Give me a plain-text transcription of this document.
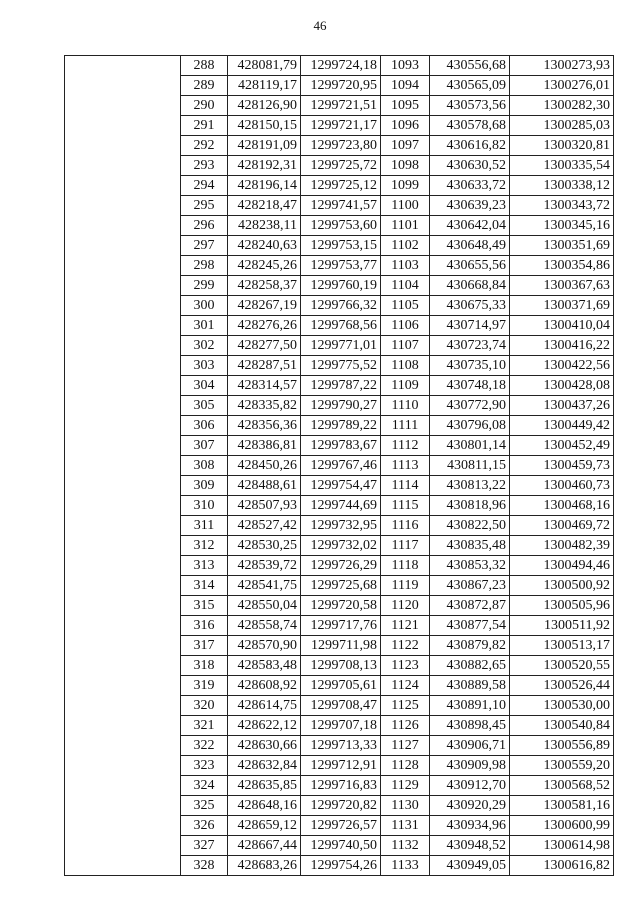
46
	288	428081,79	1299724,18	1093	430556,68	1300273,93
	289	428119,17	1299720,95	1094	430565,09	1300276,01
	290	428126,90	1299721,51	1095	430573,56	1300282,30
	291	428150,15	1299721,17	1096	430578,68	1300285,03
	292	428191,09	1299723,80	1097	430616,82	1300320,81
	293	428192,31	1299725,72	1098	430630,52	1300335,54
	294	428196,14	1299725,12	1099	430633,72	1300338,12
	295	428218,47	1299741,57	1100	430639,23	1300343,72
	296	428238,11	1299753,60	1101	430642,04	1300345,16
	297	428240,63	1299753,15	1102	430648,49	1300351,69
	298	428245,26	1299753,77	1103	430655,56	1300354,86
	299	428258,37	1299760,19	1104	430668,84	1300367,63
	300	428267,19	1299766,32	1105	430675,33	1300371,69
	301	428276,26	1299768,56	1106	430714,97	1300410,04
	302	428277,50	1299771,01	1107	430723,74	1300416,22
	303	428287,51	1299775,52	1108	430735,10	1300422,56
	304	428314,57	1299787,22	1109	430748,18	1300428,08
	305	428335,82	1299790,27	1110	430772,90	1300437,26
	306	428356,36	1299789,22	1111	430796,08	1300449,42
	307	428386,81	1299783,67	1112	430801,14	1300452,49
	308	428450,26	1299767,46	1113	430811,15	1300459,73
	309	428488,61	1299754,47	1114	430813,22	1300460,73
	310	428507,93	1299744,69	1115	430818,96	1300468,16
	311	428527,42	1299732,95	1116	430822,50	1300469,72
	312	428530,25	1299732,02	1117	430835,48	1300482,39
	313	428539,72	1299726,29	1118	430853,32	1300494,46
	314	428541,75	1299725,68	1119	430867,23	1300500,92
	315	428550,04	1299720,58	1120	430872,87	1300505,96
	316	428558,74	1299717,76	1121	430877,54	1300511,92
	317	428570,90	1299711,98	1122	430879,82	1300513,17
	318	428583,48	1299708,13	1123	430882,65	1300520,55
	319	428608,92	1299705,61	1124	430889,58	1300526,44
	320	428614,75	1299708,47	1125	430891,10	1300530,00
	321	428622,12	1299707,18	1126	430898,45	1300540,84
	322	428630,66	1299713,33	1127	430906,71	1300556,89
	323	428632,84	1299712,91	1128	430909,98	1300559,20
	324	428635,85	1299716,83	1129	430912,70	1300568,52
	325	428648,16	1299720,82	1130	430920,29	1300581,16
	326	428659,12	1299726,57	1131	430934,96	1300600,99
	327	428667,44	1299740,50	1132	430948,52	1300614,98
	328	428683,26	1299754,26	1133	430949,05	1300616,82
